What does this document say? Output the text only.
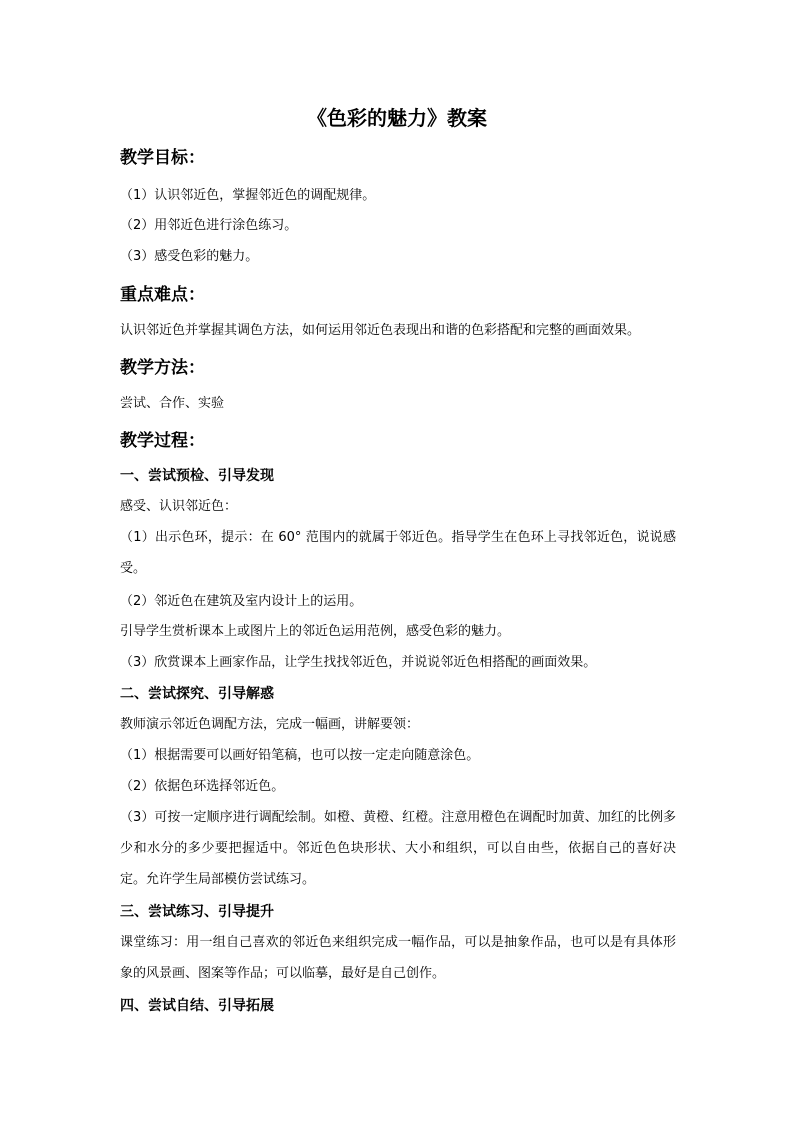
《色彩的魅力》教案
教学目标：
（1）认识邻近色，掌握邻近色的调配规律。
（2）用邻近色进行涂色练习。
（3）感受色彩的魅力。
重点难点：
认识邻近色并掌握其调色方法，如何运用邻近色表现出和谐的色彩搭配和完整的画面效果。
教学方法：
尝试、合作、实验
教学过程：
一、尝试预检、引导发现
感受、认识邻近色：
（1）出示色环，提示：在 60° 范围内的就属于邻近色。指导学生在色环上寻找邻近色，说说感受。
（2）邻近色在建筑及室内设计上的运用。
引导学生赏析课本上或图片上的邻近色运用范例，感受色彩的魅力。
（3）欣赏课本上画家作品，让学生找找邻近色，并说说邻近色相搭配的画面效果。
二、尝试探究、引导解惑
教师演示邻近色调配方法，完成一幅画，讲解要领：
（1）根据需要可以画好铅笔稿，也可以按一定走向随意涂色。
（2）依据色环选择邻近色。
（3）可按一定顺序进行调配绘制。如橙、黄橙、红橙。注意用橙色在调配时加黄、加红的比例多少和水分的多少要把握适中。邻近色色块形状、大小和组织，可以自由些，依据自己的喜好决定。允许学生局部模仿尝试练习。
三、尝试练习、引导提升
课堂练习：用一组自己喜欢的邻近色来组织完成一幅作品，可以是抽象作品，也可以是有具体形象的风景画、图案等作品；可以临摹，最好是自己创作。
四、尝试自结、引导拓展
